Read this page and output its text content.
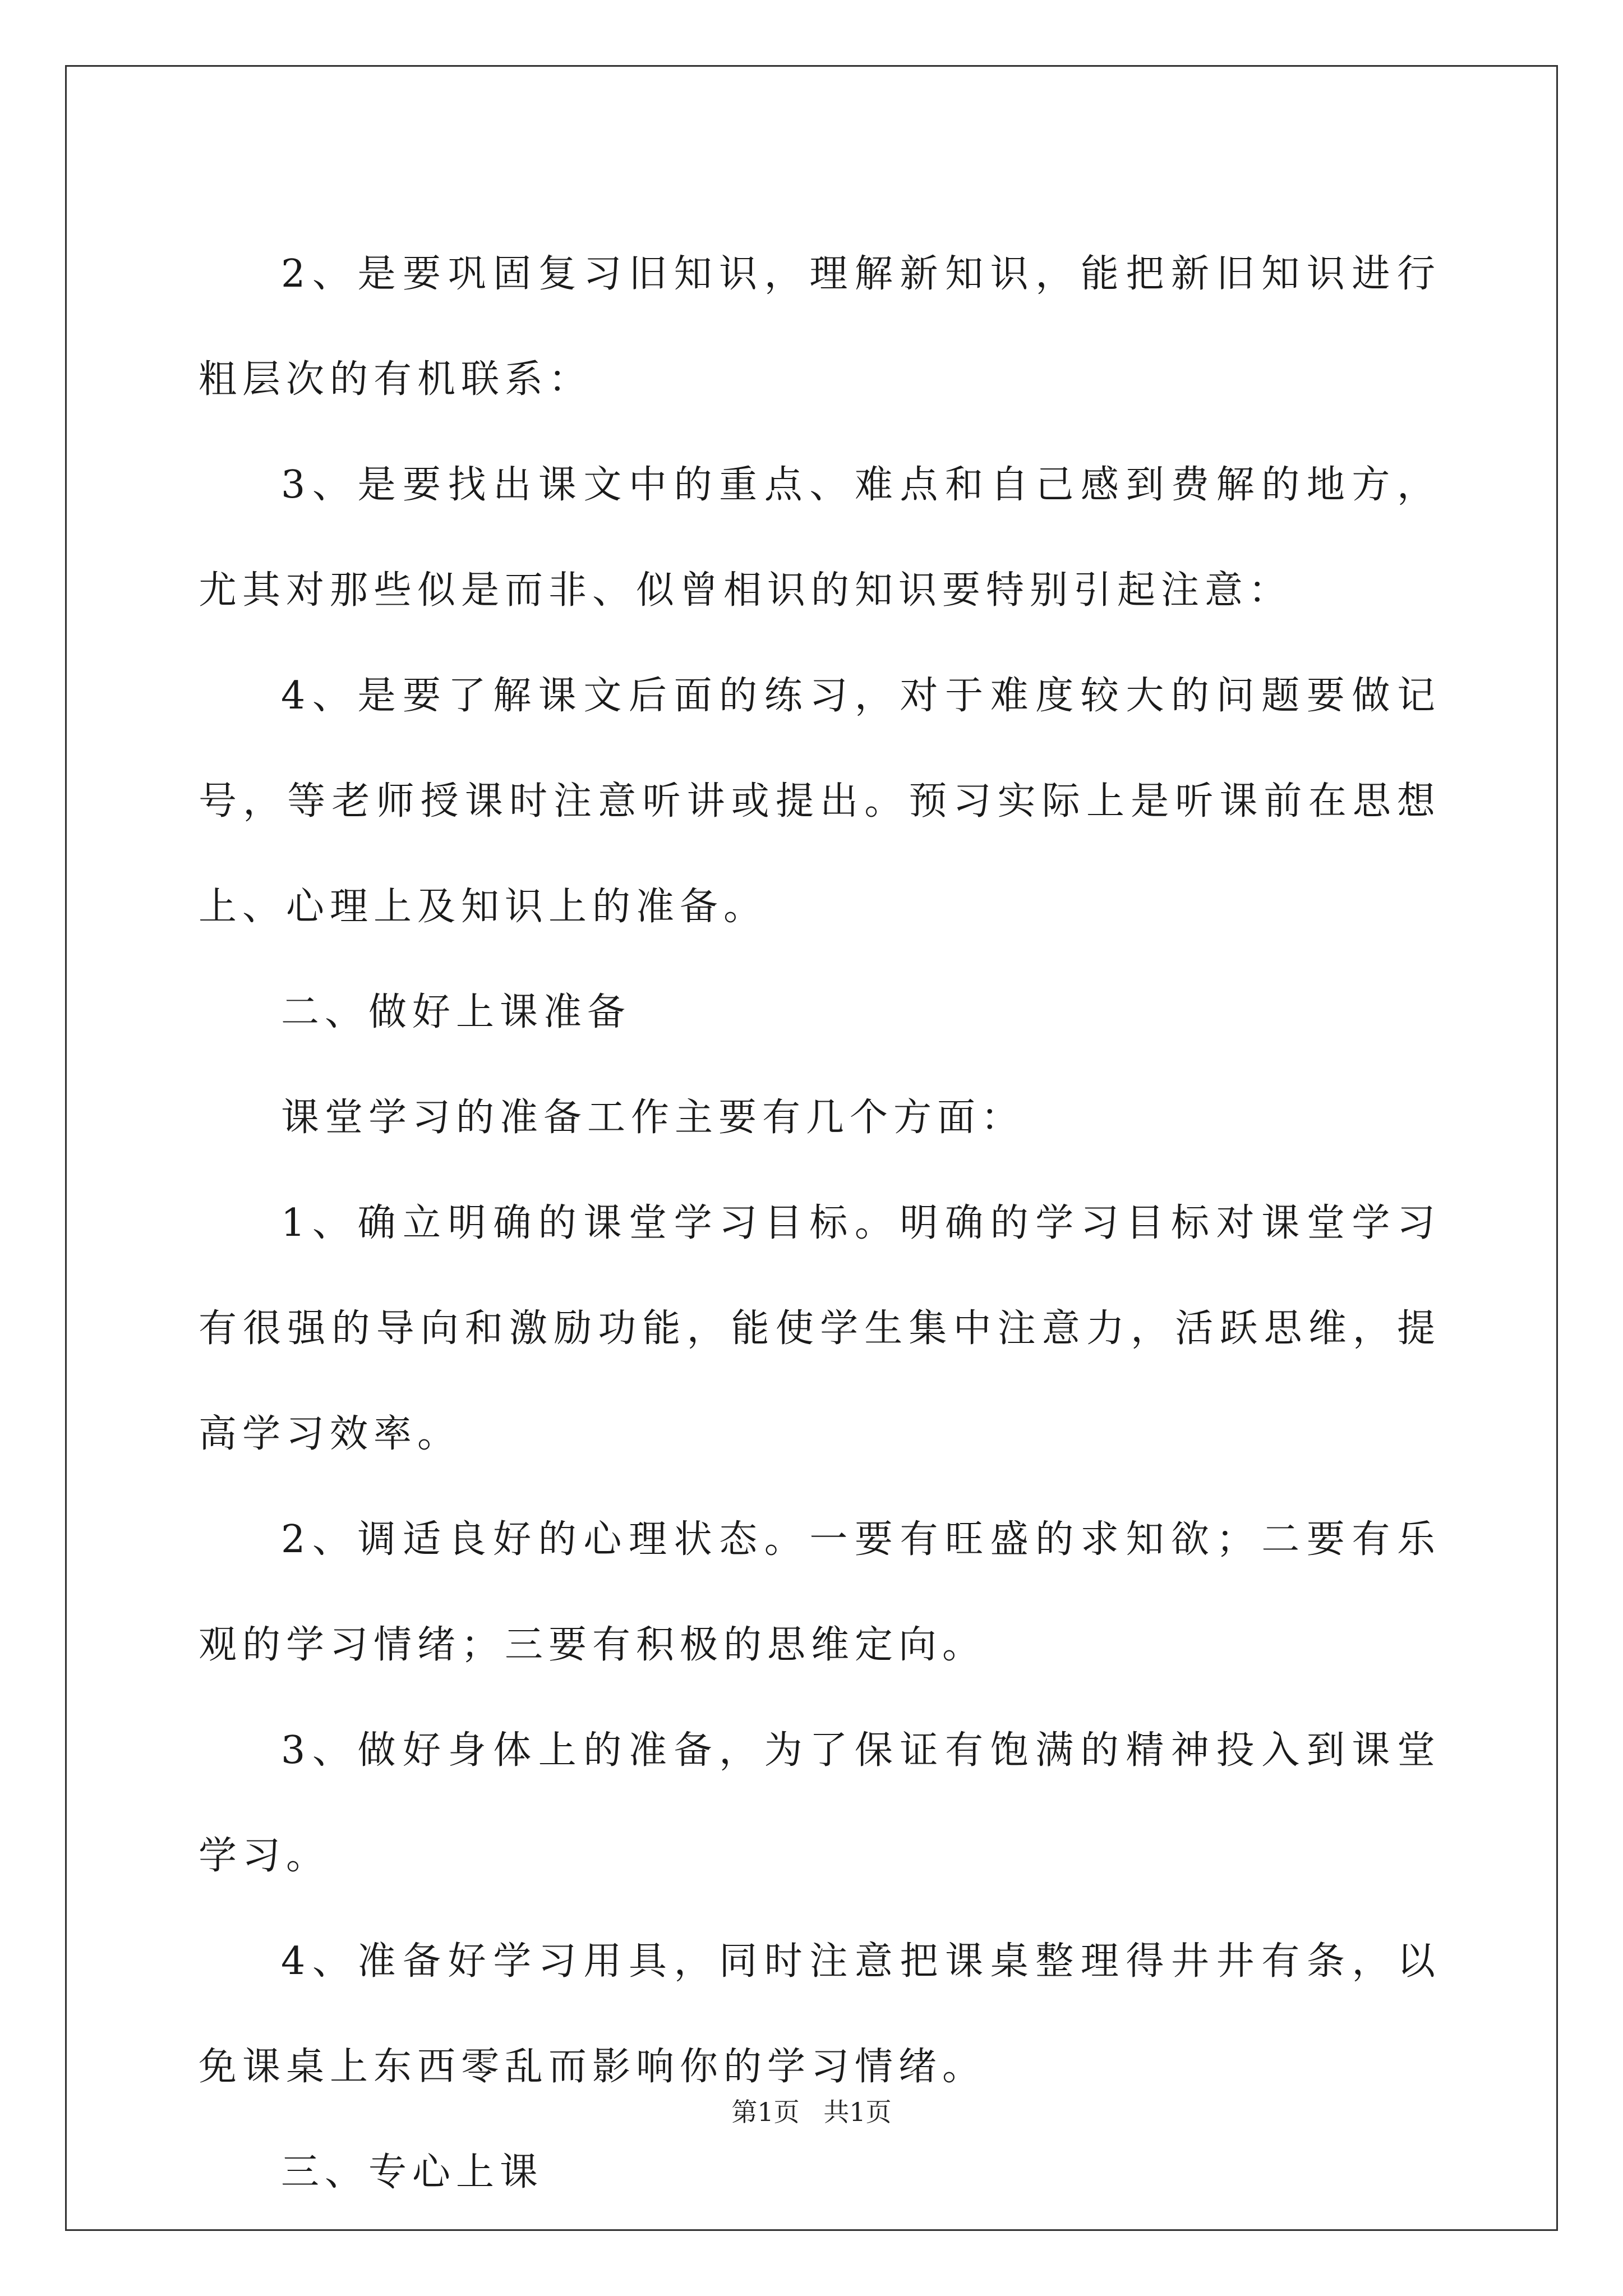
2、是要巩固复习旧知识，理解新知识，能把新旧知识进行粗层次的有机联系：

3、是要找出课文中的重点、难点和自己感到费解的地方，尤其对那些似是而非、似曾相识的知识要特别引起注意：

4、是要了解课文后面的练习，对于难度较大的问题要做记号，等老师授课时注意听讲或提出。预习实际上是听课前在思想上、心理上及知识上的准备。

二、做好上课准备

课堂学习的准备工作主要有几个方面：

1、确立明确的课堂学习目标。明确的学习目标对课堂学习有很强的导向和激励功能，能使学生集中注意力，活跃思维，提高学习效率。

2、调适良好的心理状态。一要有旺盛的求知欲；二要有乐观的学习情绪；三要有积极的思维定向。

3、做好身体上的准备，为了保证有饱满的精神投入到课堂学习。

4、准备好学习用具，同时注意把课桌整理得井井有条，以免课桌上东西零乱而影响你的学习情绪。

三、专心上课

第1页 共1页
